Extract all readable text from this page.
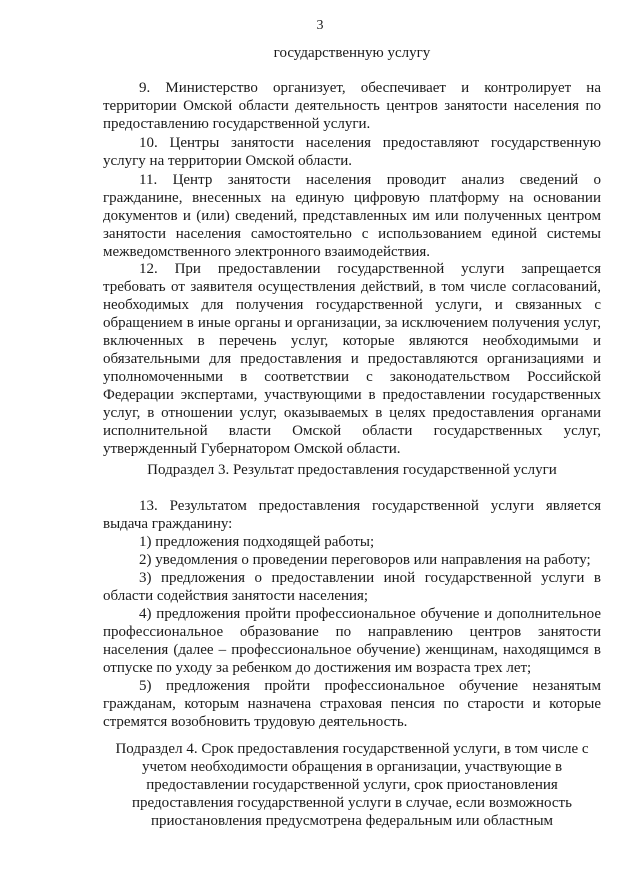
3

государственную услугу

9. Министерство организует, обеспечивает и контролирует на территории Омской области деятельность центров занятости населения по предоставлению государственной услуги.

10. Центры занятости населения предоставляют государственную услугу на территории Омской области.

11. Центр занятости населения проводит анализ сведений о гражданине, внесенных на единую цифровую платформу на основании документов и (или) сведений, представленных им или полученных центром занятости населения самостоятельно с использованием единой системы межведомственного электронного взаимодействия.

12. При предоставлении государственной услуги запрещается требовать от заявителя осуществления действий, в том числе согласований, необходимых для получения государственной услуги, и связанных с обращением в иные органы и организации, за исключением получения услуг, включенных в перечень услуг, которые являются необходимыми и обязательными для предоставления и предоставляются организациями и уполномоченными в соответствии с законодательством Российской Федерации экспертами, участвующими в предоставлении государственных услуг, в отношении услуг, оказываемых в целях предоставления органами исполнительной власти Омской области государственных услуг, утвержденный Губернатором Омской области.

Подраздел 3. Результат предоставления государственной услуги

13. Результатом предоставления государственной услуги является выдача гражданину:

1) предложения подходящей работы;

2) уведомления о проведении переговоров или направления на работу;

3) предложения о предоставлении иной государственной услуги в области содействия занятости населения;

4) предложения пройти профессиональное обучение и дополнительное профессиональное образование по направлению центров занятости населения (далее – профессиональное обучение) женщинам, находящимся в отпуске по уходу за ребенком до достижения им возраста трех лет;

5) предложения пройти профессиональное обучение незанятым гражданам, которым назначена страховая пенсия по старости и которые стремятся возобновить трудовую деятельность.

Подраздел 4. Срок предоставления государственной услуги, в том числе с учетом необходимости обращения в организации, участвующие в предоставлении государственной услуги, срок приостановления предоставления государственной услуги в случае, если возможность приостановления предусмотрена федеральным или областным
